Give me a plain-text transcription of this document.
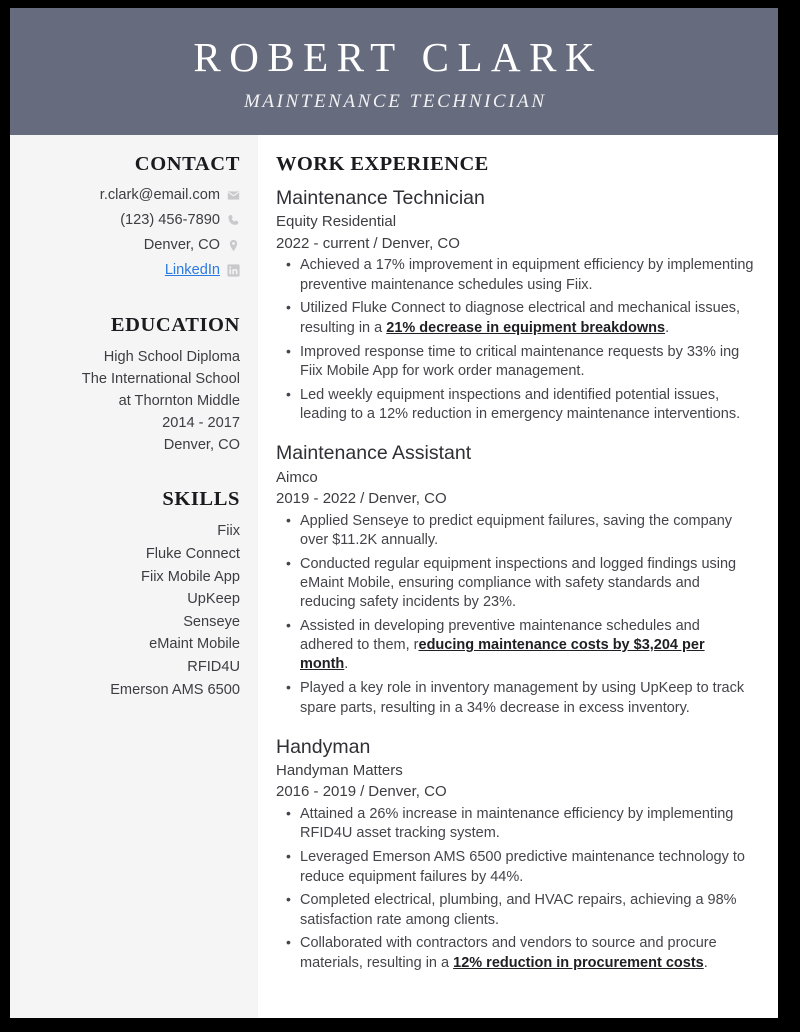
ROBERT CLARK
MAINTENANCE TECHNICIAN
CONTACT
r.clark@email.com
(123) 456-7890
Denver, CO
LinkedIn
EDUCATION
High School Diploma
The International School
at Thornton Middle
2014 - 2017
Denver, CO
SKILLS
Fiix
Fluke Connect
Fiix Mobile App
UpKeep
Senseye
eMaint Mobile
RFID4U
Emerson AMS 6500
WORK EXPERIENCE
Maintenance Technician
Equity Residential
2022 - current / Denver, CO
• Achieved a 17% improvement in equipment efficiency by implementing preventive maintenance schedules using Fiix.
• Utilized Fluke Connect to diagnose electrical and mechanical issues, resulting in a 21% decrease in equipment breakdowns.
• Improved response time to critical maintenance requests by 33% ing Fiix Mobile App for work order management.
• Led weekly equipment inspections and identified potential issues, leading to a 12% reduction in emergency maintenance interventions.
Maintenance Assistant
Aimco
2019 - 2022 / Denver, CO
• Applied Senseye to predict equipment failures, saving the company over $11.2K annually.
• Conducted regular equipment inspections and logged findings using eMaint Mobile, ensuring compliance with safety standards and reducing safety incidents by 23%.
• Assisted in developing preventive maintenance schedules and adhered to them, reducing maintenance costs by $3,204 per month.
• Played a key role in inventory management by using UpKeep to track spare parts, resulting in a 34% decrease in excess inventory.
Handyman
Handyman Matters
2016 - 2019 / Denver, CO
• Attained a 26% increase in maintenance efficiency by implementing RFID4U asset tracking system.
• Leveraged Emerson AMS 6500 predictive maintenance technology to reduce equipment failures by 44%.
• Completed electrical, plumbing, and HVAC repairs, achieving a 98% satisfaction rate among clients.
• Collaborated with contractors and vendors to source and procure materials, resulting in a 12% reduction in procurement costs.
